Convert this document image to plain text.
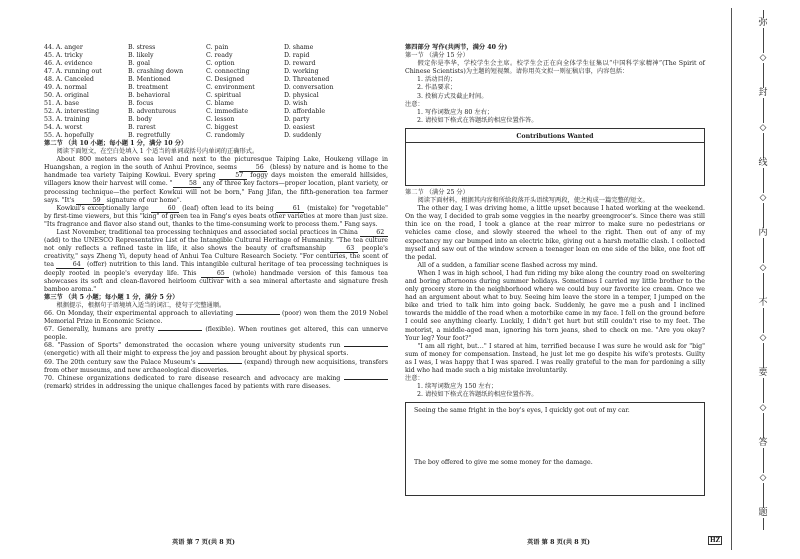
44. A. anger	B. stress	C. pain	D. shame
45. A. tricky	B. likely	C. ready	D. rapid
46. A. evidence	B. goal	C. option	D. reward
47. A. running out	B. crashing down	C. connecting	D. working
48. A. Canceled	B. Mentioned	C. Designed	D. Threatened
49. A. normal	B. treatment	C. environment	D. conversation
50. A. original	B. behavioral	C. spiritual	D. physical
51. A. base	B. focus	C. blame	D. wish
52. A. interesting	B. adventurous	C. immediate	D. affordable
53. A. training	B. body	C. lesson	D. party
54. A. worst	B. rarest	C. biggest	D. easiest
55. A. hopefully	B. regretfully	C. randomly	D. suddenly
第二节 （共 10 小题；每小题 1 分，满分 10 分）
阅读下面短文，在空白处填入 1 个适当的单词或括号内单词的正确形式。
About 800 meters above sea level and next to the picturesque Taiping Lake, Houkeng village in Huangshan, a region in the south of Anhui Province, seems	56 (bless) by nature and is home to the handmade tea variety Taiping Kowkui. Every spring	57 foggy days moisten the emerald hillsides, villagers know their harvest will come. "	58 any of three key factors—proper location, plant variety, or processing technique—the perfect Kowkui will not be born," Fang Jifan, the fifth-generation tea farmer says. "It's	59 signature of our home".
Kowkui's exceptionally large	60 (leaf) often lead to its being	61 (mistake) for "vegetable" by first-time viewers, but this "king" of green tea in Fang's eyes beats other varieties at more than just size. "Its fragrance and flavor also stand out, thanks to the time-consuming work to process them." Fang says.
Last November, traditional tea processing techniques and associated social practices in China	62 (add) to the UNESCO Representative List of the Intangible Cultural Heritage of Humanity. "The tea culture not only reflects a refined taste in life, it also shows the beauty of craftsmanship	63 people's creativity," says Zheng Yi, deputy head of Anhui Tea Culture Research Society. "For centuries, the scent of tea	64 (offer) nutrition to this land. This intangible cultural heritage of tea processing techniques is deeply rooted in people's everyday life. This	65 (whole) handmade version of this famous tea showcases its soft and clean-flavored heirloom cultivar with a sea mineral aftertaste and signature fresh bamboo aroma."
第三节 （共 5 小题；每小题 1 分，满分 5 分）
根据提示，根据句子语境填入适当的词汇，使句子完整通顺。
66. On Monday, their experimental approach to alleviating	(poor) won them the 2019 Nobel Memorial Prize in Economic Science.
67. Generally, humans are pretty	(flexible). When routines get altered, this can unnerve people.
68. "Passion of Sports" demonstrated the occasion where young university students run  (energetic) with all their might to express the joy and passion brought about by physical sports.
69. The 20th century saw the Palace Museum's	(expand) through new acquisitions, transfers from other museums, and new archaeological discoveries.
70. Chinese organizations dedicated to rare disease research and advocacy are making  (remark) strides in addressing the unique challenges faced by patients with rare diseases.
第四部分 写作(共两节，满分 40 分)
第一节 （满分 15 分）
假定你是李华，学校学生会主席。校学生会正在向全体学生征集以“中国科学家精神”(The Spirit of Chinese Scientists)为主题的短视频。请你用英文拟一则征稿启事，内容包括：
1. 活动目的；
2. 作品要求；
3. 投稿方式及截止时间。
注意：
1. 写作词数应为 80 左右；
2. 请按如下格式在答题纸的相应位置作答。
Contributions Wanted
第二节 （满分 25 分）
阅读下面材料，根据其内容和所给段落开头语续写两段，使之构成一篇完整的短文。
The other day, I was driving home, a little upset because I hated working at the weekend. On the way, I decided to grab some veggies in the nearby greengrocer's. Since there was still thin ice on the road, I took a glance at the rear mirror to make sure no pedestrians or vehicles came close, and slowly steered the wheel to the right. Then out of any of my expectancy my car bumped into an electric bike, giving out a harsh metallic clash. I collected myself and saw out of the window screen a teenager lean on one side of the bike, one foot off the pedal.
All of a sudden, a familiar scene flashed across my mind.
When I was in high school, I had fun riding my bike along the country road on sweltering and boring afternoons during summer holidays. Sometimes I carried my little brother to the only grocery store in the neighborhood where we could buy our favorite ice cream. Once we had an argument about what to buy. Seeing him leave the store in a temper, I jumped on the bike and tried to talk him into going back. Suddenly, he gave me a push and I inclined towards the middle of the road when a motorbike came in my face. I fell on the ground before I could see anything clearly. Luckily, I didn't get hurt but still couldn't rise to my feet. The motorist, a middle-aged man, ignoring his torn jeans, shed to check on me. "Are you okay? Your leg? Your foot?"
"I am all right, but…" I stared at him, terrified because I was sure he would ask for "big" sum of money for compensation. Instead, he just let me go despite his wife's protests. Guilty as I was, I was happy that I was spared. I was really grateful to the man for pardoning a silly kid who had made such a big mistake involuntarily.
注意：
1. 续写词数应为 150 左右；
2. 请按如下格式在答题纸的相应位置作答。
Seeing the same fright in the boy's eyes, I quickly got out of my car.
The boy offered to give me some money for the damage.
英语 第 7 页(共 8 页)	英语 第 8 页(共 8 页)	HZ
弥
◇
封
◇
线
◇
内
◇
不
◇
要
◇
答
◇
题
